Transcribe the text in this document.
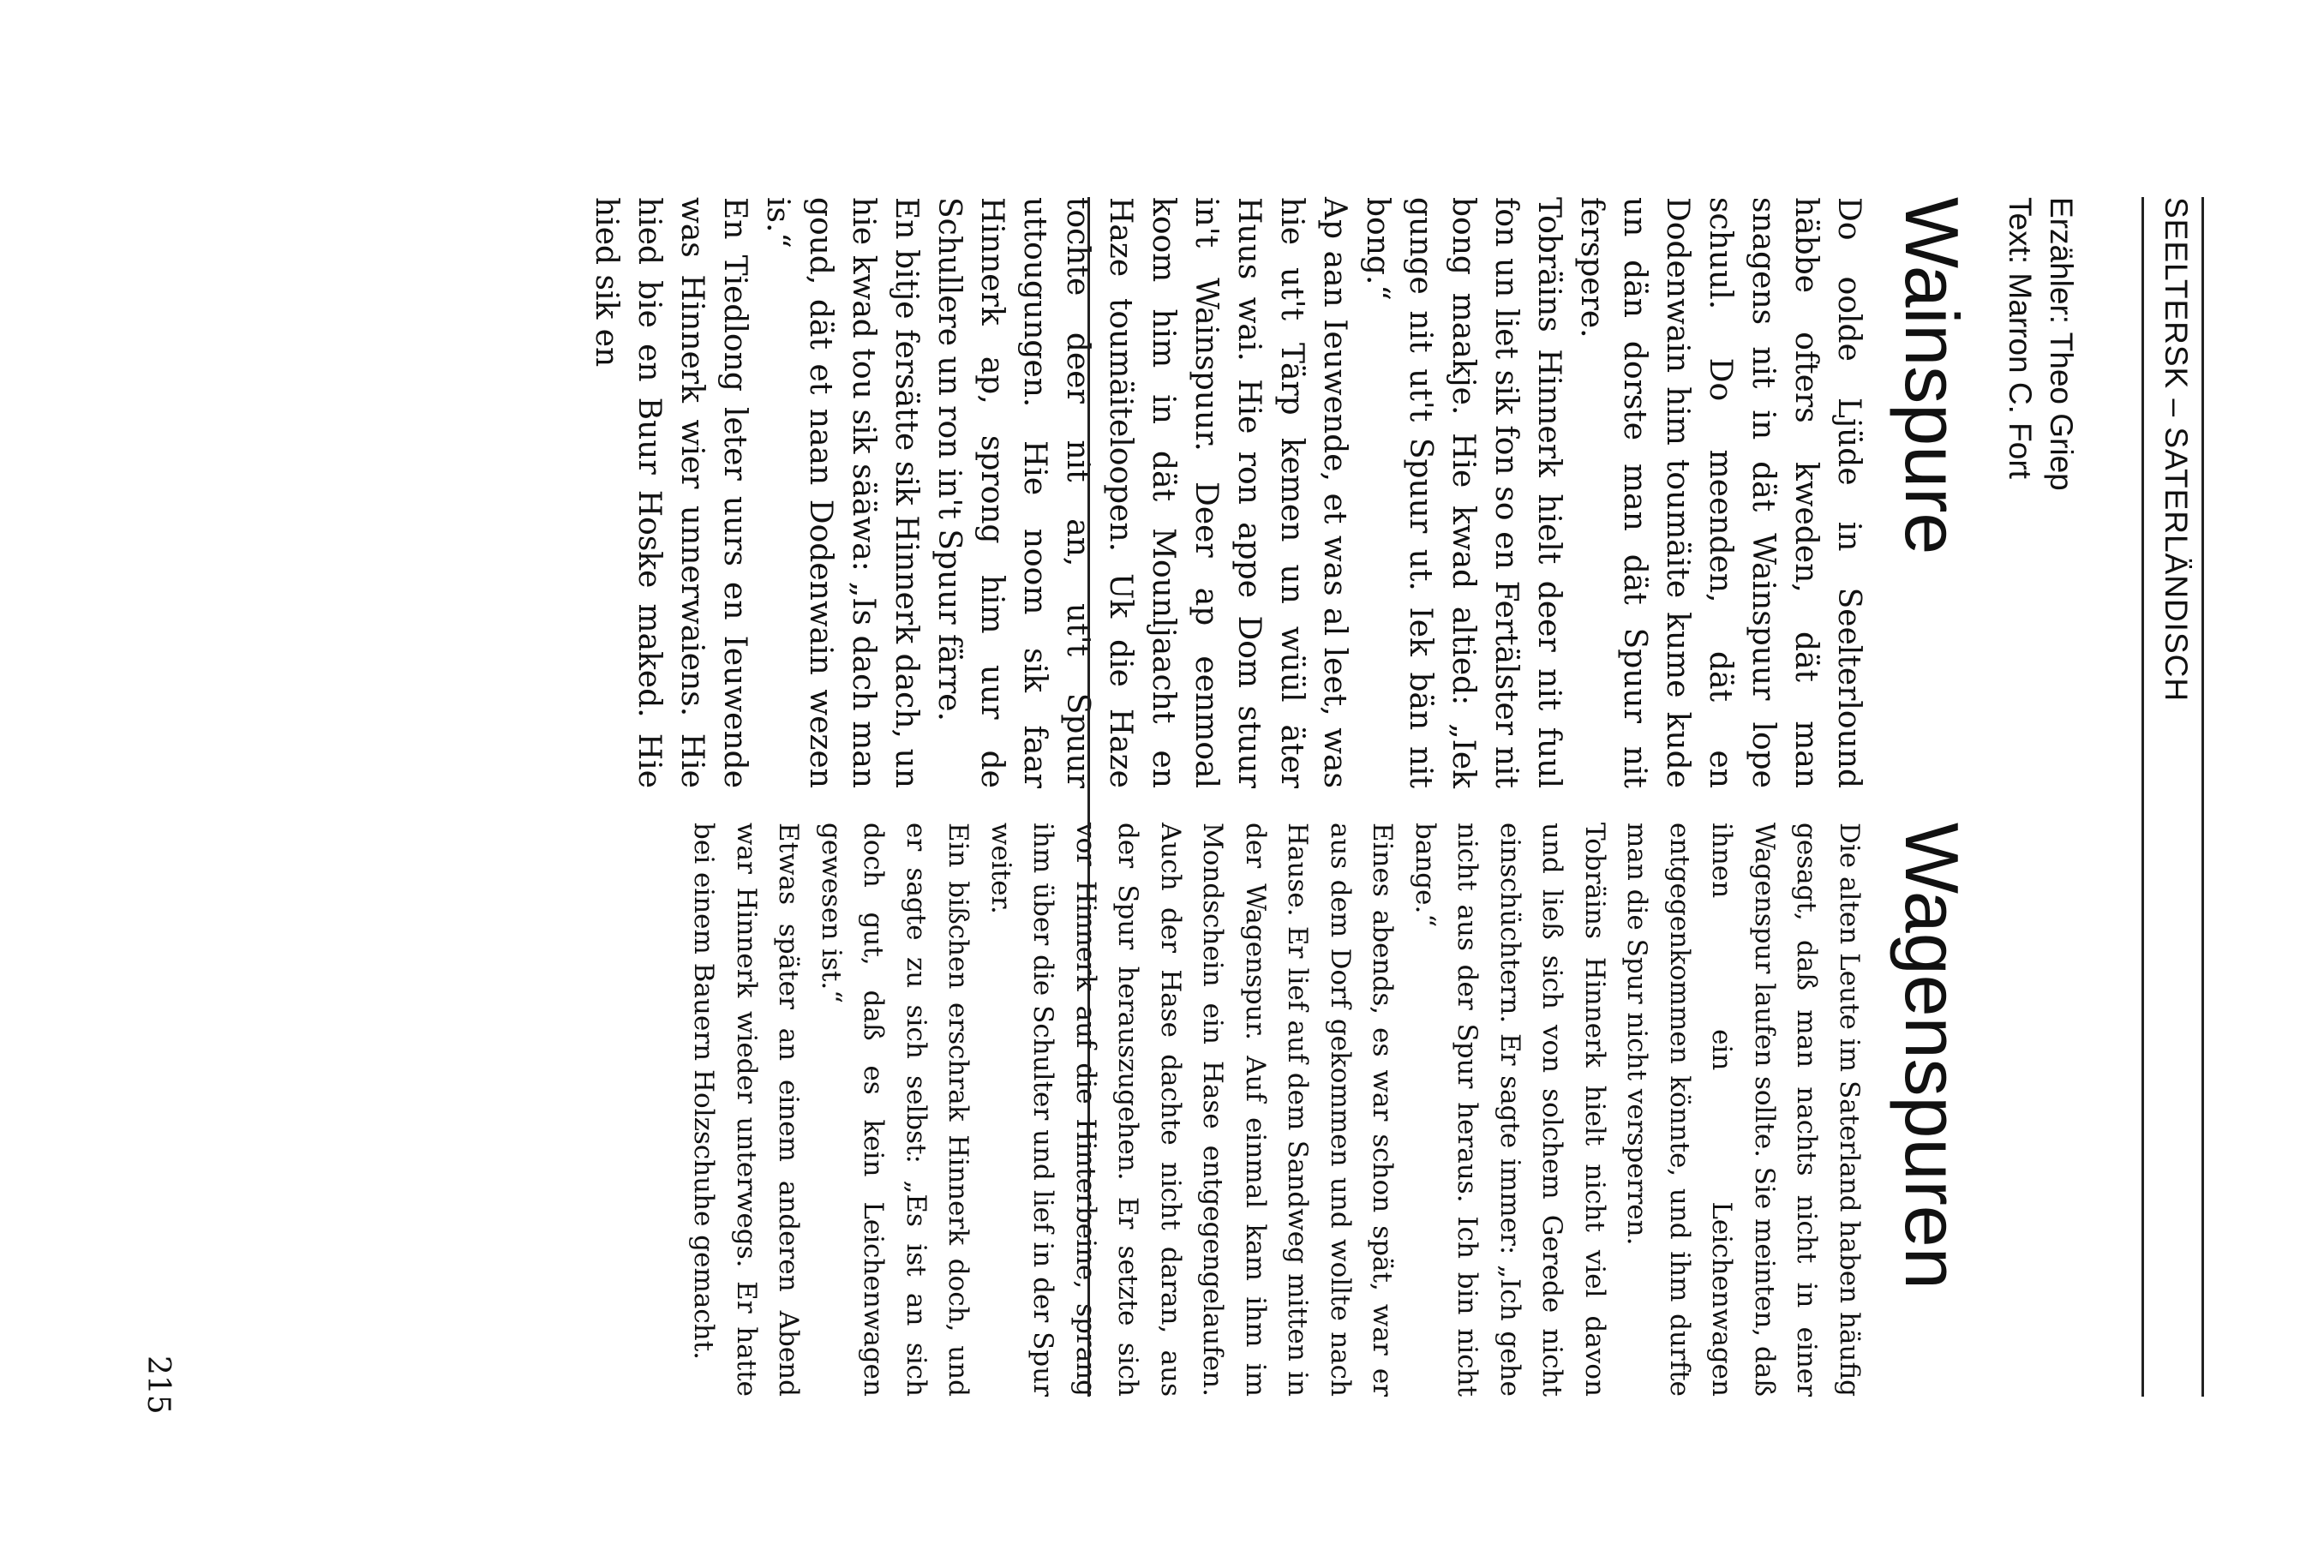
SEELTERSK – SATERLÄNDISCH
Erzähler: Theo Griep
Text: Marron C. Fort
Wainspure
Wagenspuren

Do oolde Ljüde in Seelterlound häbbe ofters kweden, dät man snagens nit in dät Wainspuur lope schuul. Do meenden, dät en Dodenwain him toumäite kume kude un dän dorste man dät Spuur nit ferspere.

Tobräins Hinnerk hielt deer nit fuul fon un liet sik fon so en Fertälster nit bong maakje. Hie kwad altied: „Iek gunge nit ut't Spuur ut. Iek bän nit bong.“

Ap aan Ieuwende, et was al leet, was hie ut't Tärp kemen un wüül äter Huus wai. Hie ron appe Dom stuur in't Wainspuur. Deer ap eenmoal koom him in dät Mounljaacht en Haze toumäiteloopen. Uk die Haze tochte deer nit an, ut't Spuur uttougungen. Hie noom sik faar Hinnerk ap, sprong him uur de Schullere un ron in't Spuur färre.

En bitje fersätte sik Hinnerk dach, un hie kwad tou sik sääwa: „Is dach man goud, dät et naan Dodenwain wezen is.“

En Tiedlong leter uurs en Ieuwende was Hinnerk wier unnerwaiens. Hie hied bie en Buur Hoske maked. Hie hied sik en

Die alten Leute im Saterland haben häufig gesagt, daß man nachts nicht in einer Wagenspur laufen sollte. Sie meinten, daß ihnen ein Leichenwagen entgegenkommen könnte, und ihm durfte man die Spur nicht versperren.

Tobräins Hinnerk hielt nicht viel davon und ließ sich von solchem Gerede nicht einschüchtern. Er sagte immer: „Ich gehe nicht aus der Spur heraus. Ich bin nicht bange.“

Eines abends, es war schon spät, war er aus dem Dorf gekommen und wollte nach Hause. Er lief auf dem Sandweg mitten in der Wagenspur. Auf einmal kam ihm im Mondschein ein Hase entgegengelaufen. Auch der Hase dachte nicht daran, aus der Spur herauszugehen. Er setzte sich vor Hinnerk auf die Hinterbeine, sprang ihm über die Schulter und lief in der Spur weiter.

Ein bißchen erschrak Hinnerk doch, und er sagte zu sich selbst: „Es ist an sich doch gut, daß es kein Leichenwagen gewesen ist.“

Etwas später an einem anderen Abend war Hinnerk wieder unterwegs. Er hatte bei einem Bauern Holzschuhe gemacht.

215
